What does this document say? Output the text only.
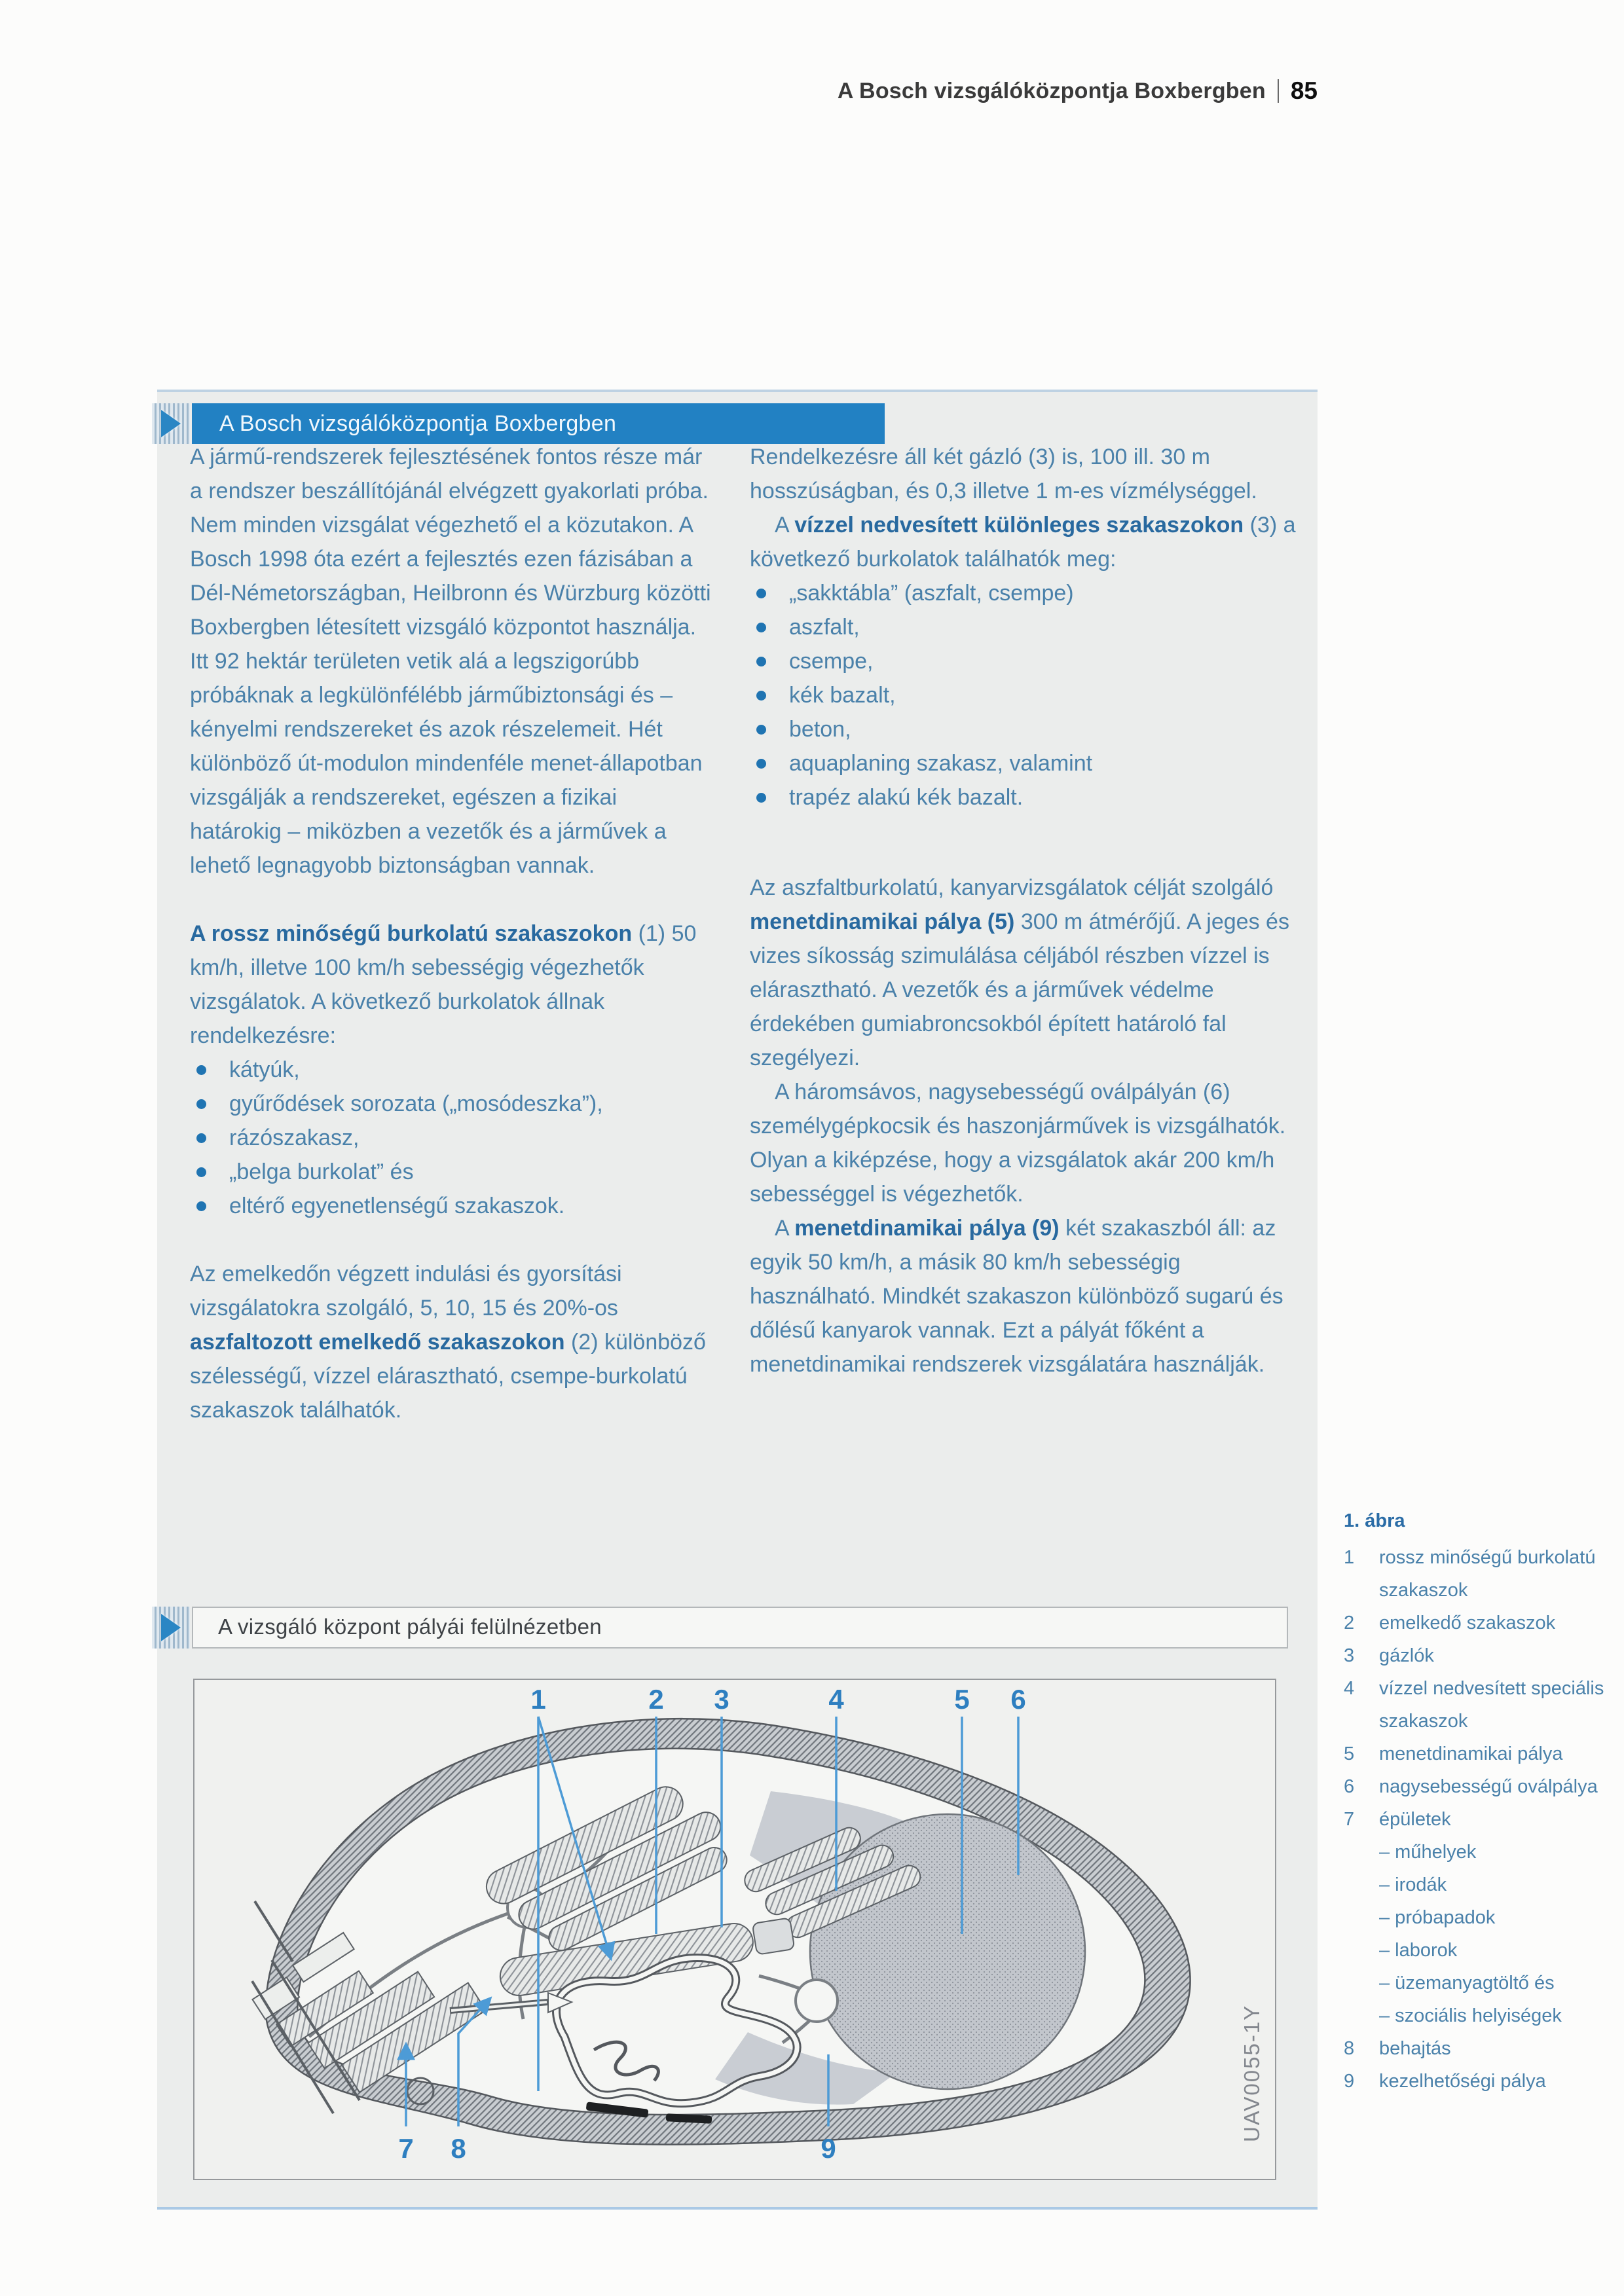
A Bosch vizsgálóközpontja Boxbergben 85
A Bosch vizsgálóközpontja Boxbergben

A jármű-rendszerek fejlesztésének fontos része már a rendszer beszállítójánál elvégzett gyakorlati próba. Nem minden vizsgálat végezhető el a közutakon. A Bosch 1998 óta ezért a fejlesztés ezen fázisában a Dél-Németországban, Heilbronn és Würzburg közötti Boxbergben létesített vizsgáló központot használja. Itt 92 hektár területen vetik alá a legszigorúbb próbáknak a legkülönfélébb járműbiztonsági és – kényelmi rendszereket és azok részelemeit. Hét különböző út-modulon mindenféle menet-állapotban vizsgálják a rendszereket, egészen a fizikai határokig – miközben a vezetők és a járművek a lehető legnagyobb biztonságban vannak.

A rossz minőségű burkolatú szakaszokon (1) 50 km/h, illetve 100 km/h sebességig végezhetők vizsgálatok. A következő burkolatok állnak rendelkezésre:

kátyúk,
gyűrődések sorozata („mosódeszka”),
rázószakasz,
„belga burkolat” és
eltérő egyenetlenségű szakaszok.

Az emelkedőn végzett indulási és gyorsítási vizsgálatokra szolgáló, 5, 10, 15 és 20%-os aszfaltozott emelkedő szakaszokon (2) különböző szélességű, vízzel elárasztható, csempe-burkolatú szakaszok találhatók.

Rendelkezésre áll két gázló (3) is, 100 ill. 30 m hosszúságban, és 0,3 illetve 1 m-es vízmélységgel.

A vízzel nedvesített különleges szakaszokon (3) a következő burkolatok találhatók meg:

„sakktábla” (aszfalt, csempe)
aszfalt,
csempe,
kék bazalt,
beton,
aquaplaning szakasz, valamint
trapéz alakú kék bazalt.

Az aszfaltburkolatú, kanyarvizsgálatok célját szolgáló menetdinamikai pálya (5) 300 m átmérőjű. A jeges és vizes síkosság szimulálása céljából részben vízzel is elárasztható. A vezetők és a járművek védelme érdekében gumiabroncsokból épített határoló fal szegélyezi.

A háromsávos, nagysebességű oválpályán (6) személygépkocsik és haszonjárművek is vizsgálhatók. Olyan a kiképzése, hogy a vizsgálatok akár 200 km/h sebességgel is végezhetők.

A menetdinamikai pálya (9) két szakaszból áll: az egyik 50 km/h, a másik 80 km/h sebességig használható. Mindkét szakaszon különböző sugarú és dőlésű kanyarok vannak. Ezt a pályát főként a menetdinamikai rendszerek vizsgálatára használják.

A vizsgáló központ pályái felülnézetben
1	2 3	4	5 6
7 8	9
UAV0055-1Y
1. ábra
1	rossz minőségű burkolatú szakaszok
2	emelkedő szakaszok
3	gázlók
4	vízzel nedvesített speciális szakaszok
5	menetdinamikai pálya
6	nagysebességű oválpálya
7	épületek
– műhelyek
– irodák
– próbapadok
– laborok
– üzemanyagtöltő és
– szociális helyiségek
8	behajtás
9	kezelhetőségi pálya
